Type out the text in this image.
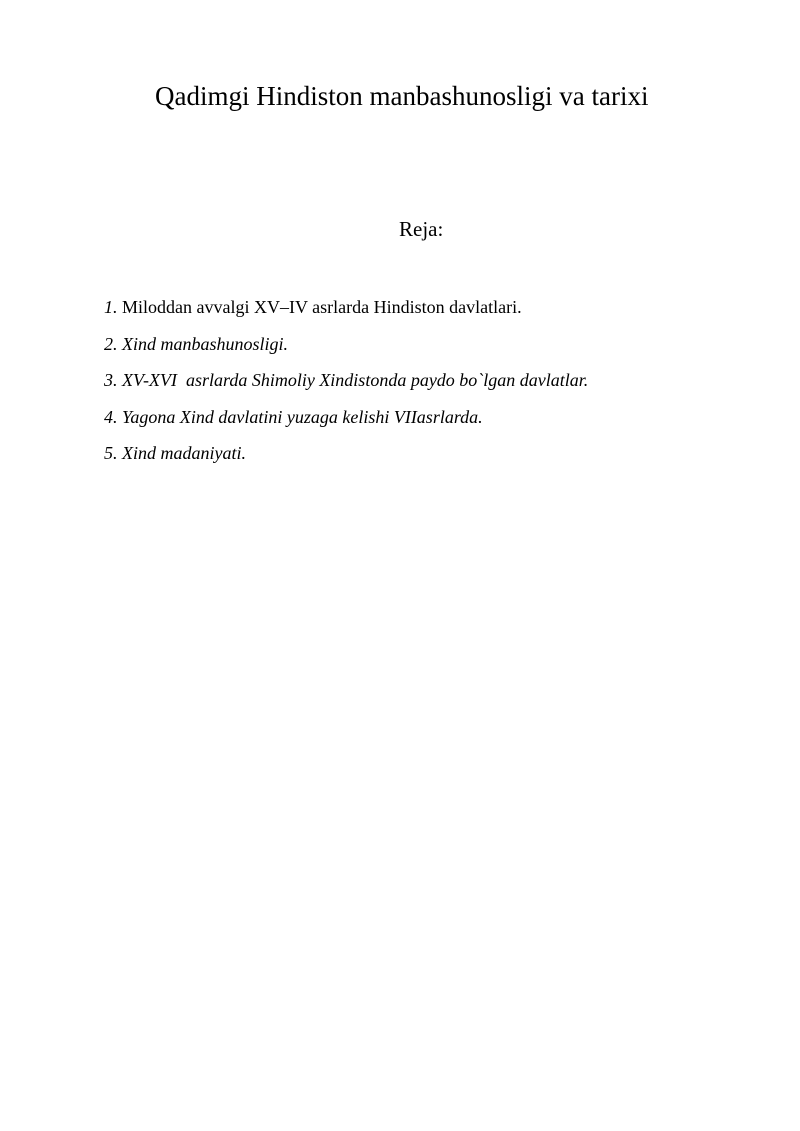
Qadimgi Hindiston manbashunosligi va tarixi
Reja:
1. Miloddan avvalgi XV–IV asrlarda Hindiston davlatlari.
2. Xind manbashunosligi.
3. XV-XVI  asrlarda Shimoliy Xindistonda paydo bo`lgan davlatlar.
4. Yagona Xind davlatini yuzaga kelishi VIIasrlarda.
5. Xind madaniyati.
